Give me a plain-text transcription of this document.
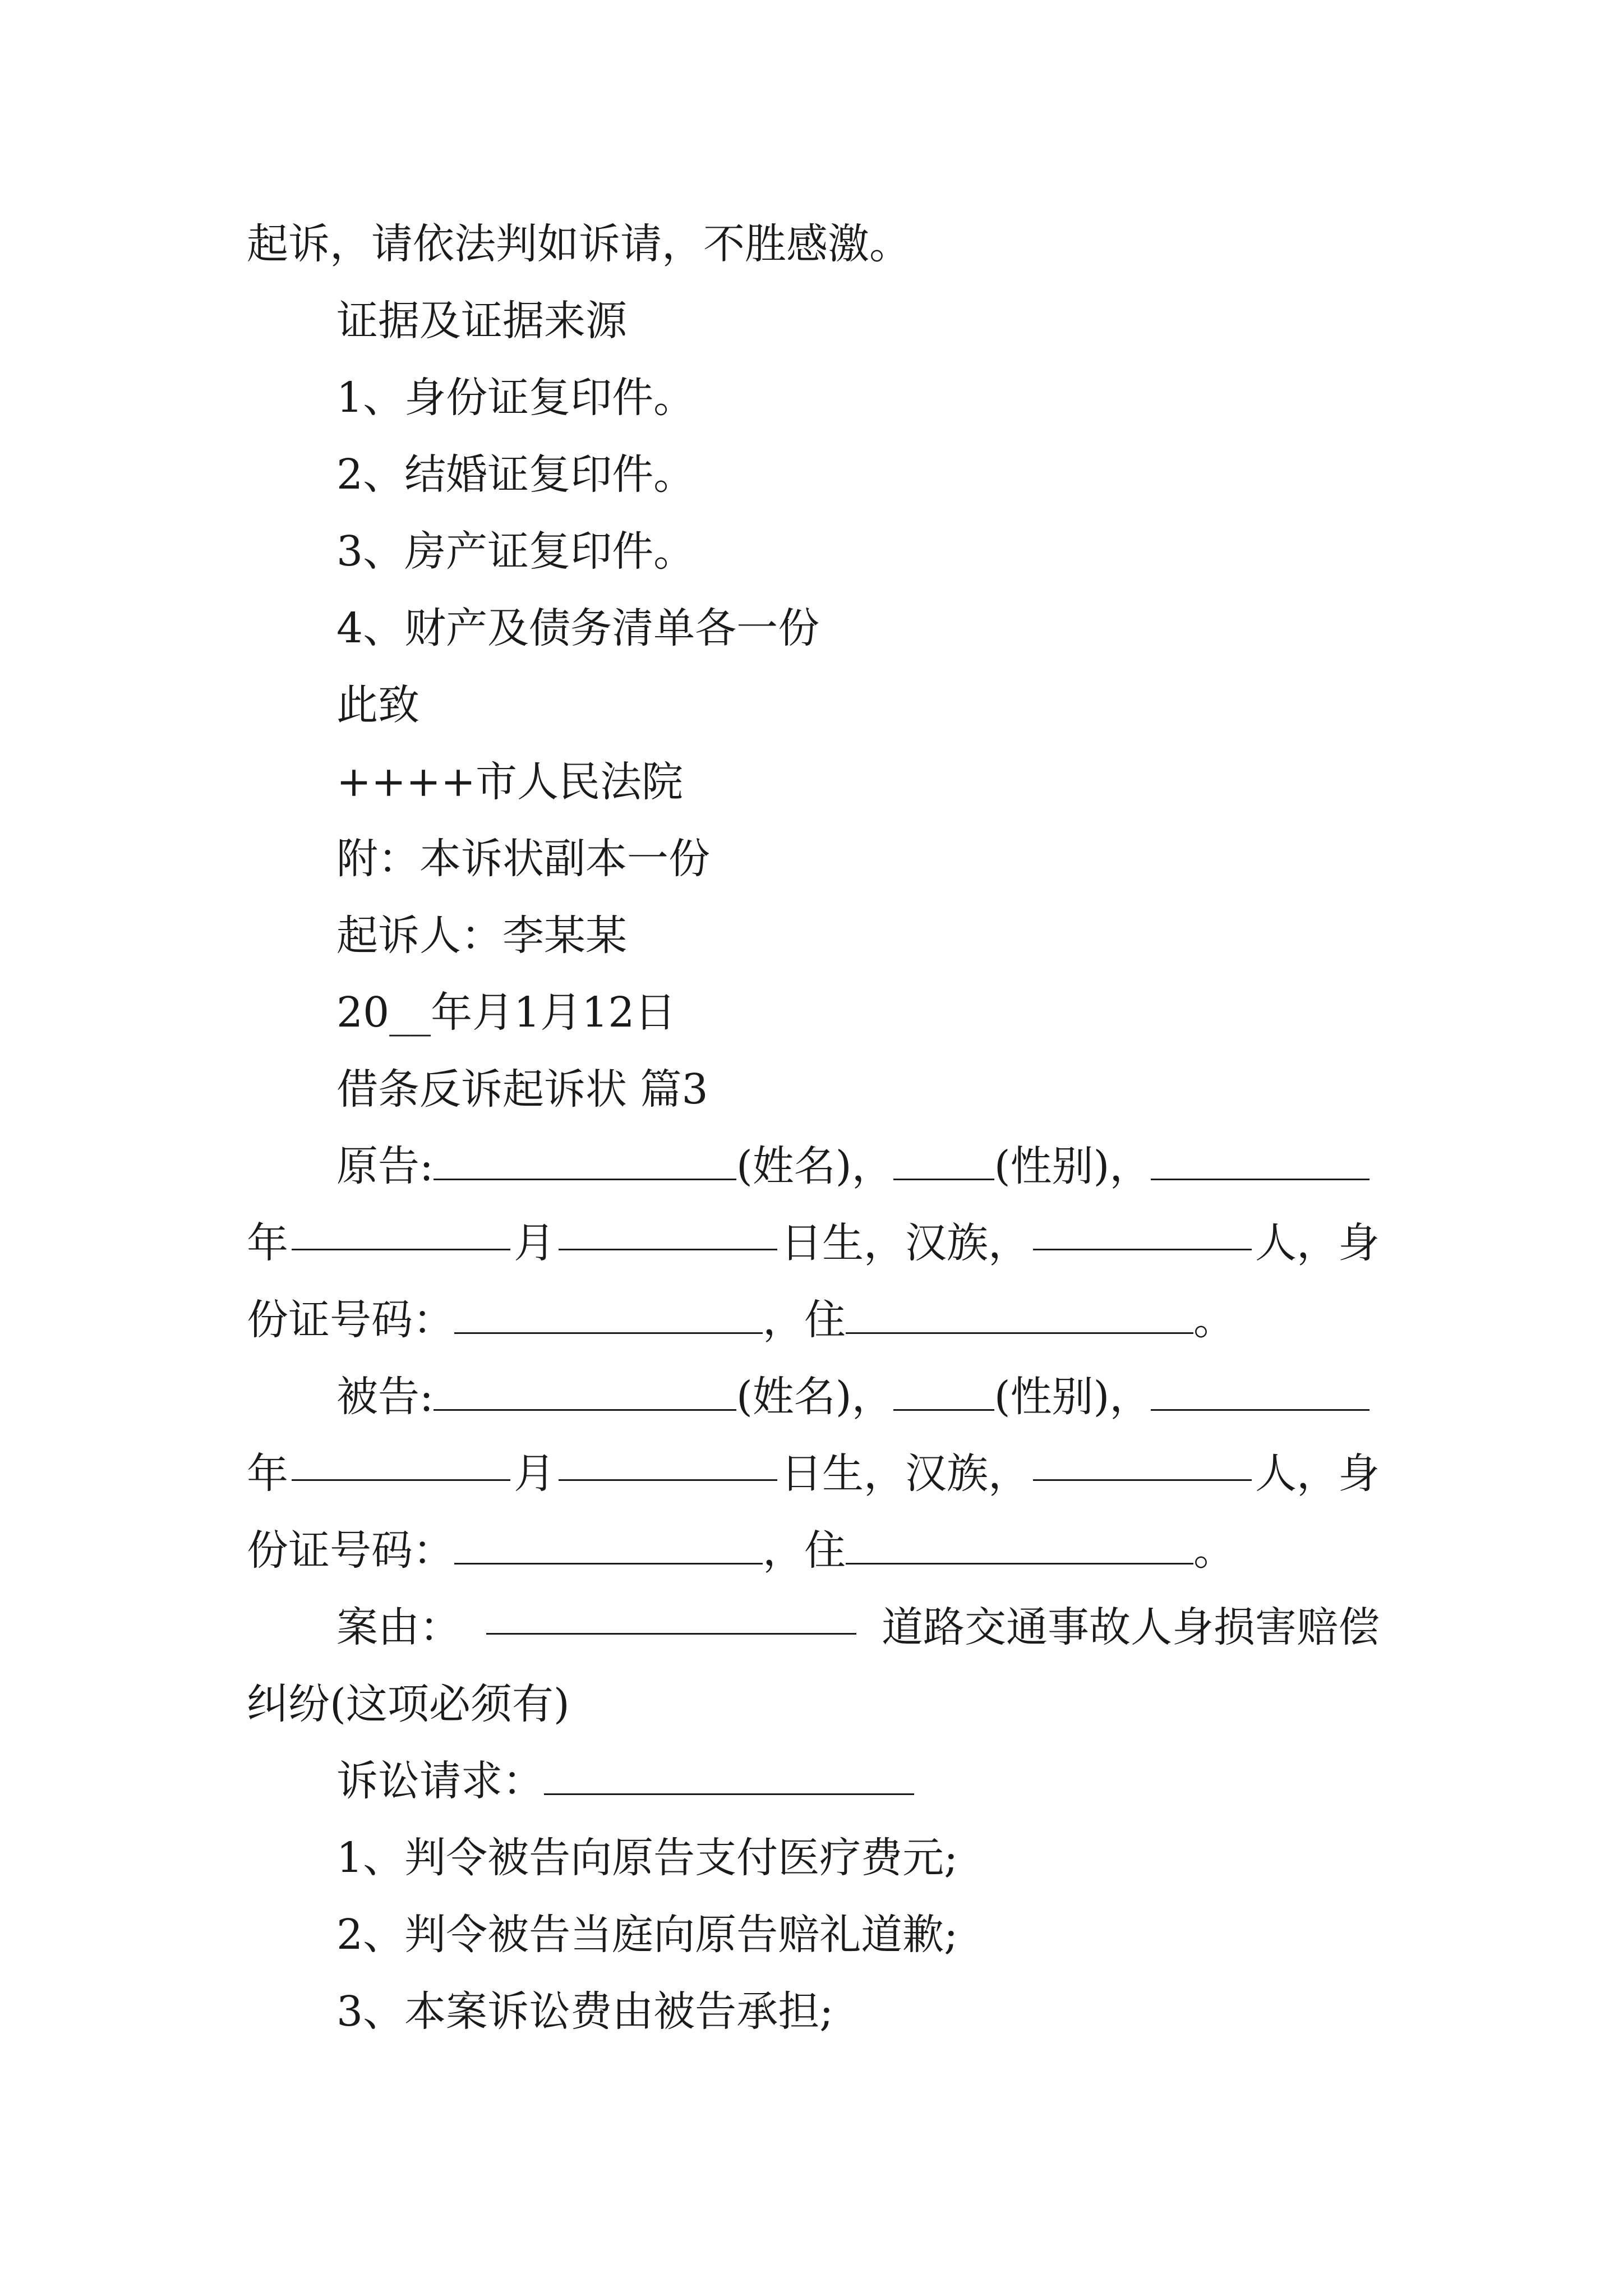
起诉，请依法判如诉请，不胜感激。
证据及证据来源
1、身份证复印件。
2、结婚证复印件。
3、房产证复印件。
4、财产及债务清单各一份
此致
++++市人民法院
附：本诉状副本一份
起诉人：李某某
20__年月1月12日
借条反诉起诉状 篇3
原告:	(姓名)， (性别)，
年	月	日生，汉族，	人，身
份证号码：	，住	。
被告:	(姓名)， (性别)，
年	月	日生，汉族，	人，身
份证号码：	，住	。
案由：	道路交通事故人身损害赔偿
纠纷(这项必须有)
诉讼请求：
1、判令被告向原告支付医疗费元;
2、判令被告当庭向原告赔礼道歉;
3、本案诉讼费由被告承担;
